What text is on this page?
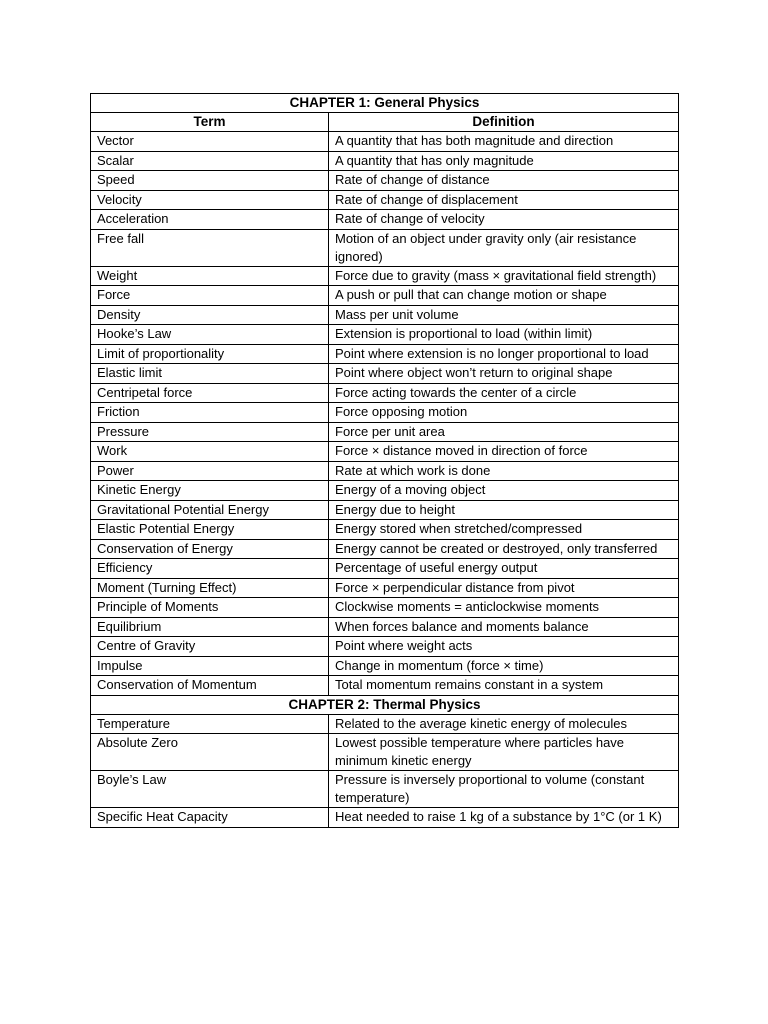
CHAPTER 1: General Physics	
Term	Definition
Vector	A quantity that has both magnitude and direction
Scalar	A quantity that has only magnitude
Speed	Rate of change of distance
Velocity	Rate of change of displacement
Acceleration	Rate of change of velocity
Free fall	Motion of an object under gravity only (air resistance ignored)
Weight	Force due to gravity (mass × gravitational field strength)
Force	A push or pull that can change motion or shape
Density	Mass per unit volume
Hooke’s Law	Extension is proportional to load (within limit)
Limit of proportionality	Point where extension is no longer proportional to load
Elastic limit	Point where object won’t return to original shape
Centripetal force	Force acting towards the center of a circle
Friction	Force opposing motion
Pressure	Force per unit area
Work	Force × distance moved in direction of force
Power	Rate at which work is done
Kinetic Energy	Energy of a moving object
Gravitational Potential Energy	Energy due to height
Elastic Potential Energy	Energy stored when stretched/compressed
Conservation of Energy	Energy cannot be created or destroyed, only transferred
Efficiency	Percentage of useful energy output
Moment (Turning Effect)	Force × perpendicular distance from pivot
Principle of Moments	Clockwise moments = anticlockwise moments
Equilibrium	When forces balance and moments balance
Centre of Gravity	Point where weight acts
Impulse	Change in momentum (force × time)
Conservation of Momentum	Total momentum remains constant in a system
CHAPTER 2: Thermal Physics	
Temperature	Related to the average kinetic energy of molecules
Absolute Zero	Lowest possible temperature where particles have minimum kinetic energy
Boyle’s Law	Pressure is inversely proportional to volume (constant temperature)
Specific Heat Capacity	Heat needed to raise 1 kg of a substance by 1°C (or 1 K)
